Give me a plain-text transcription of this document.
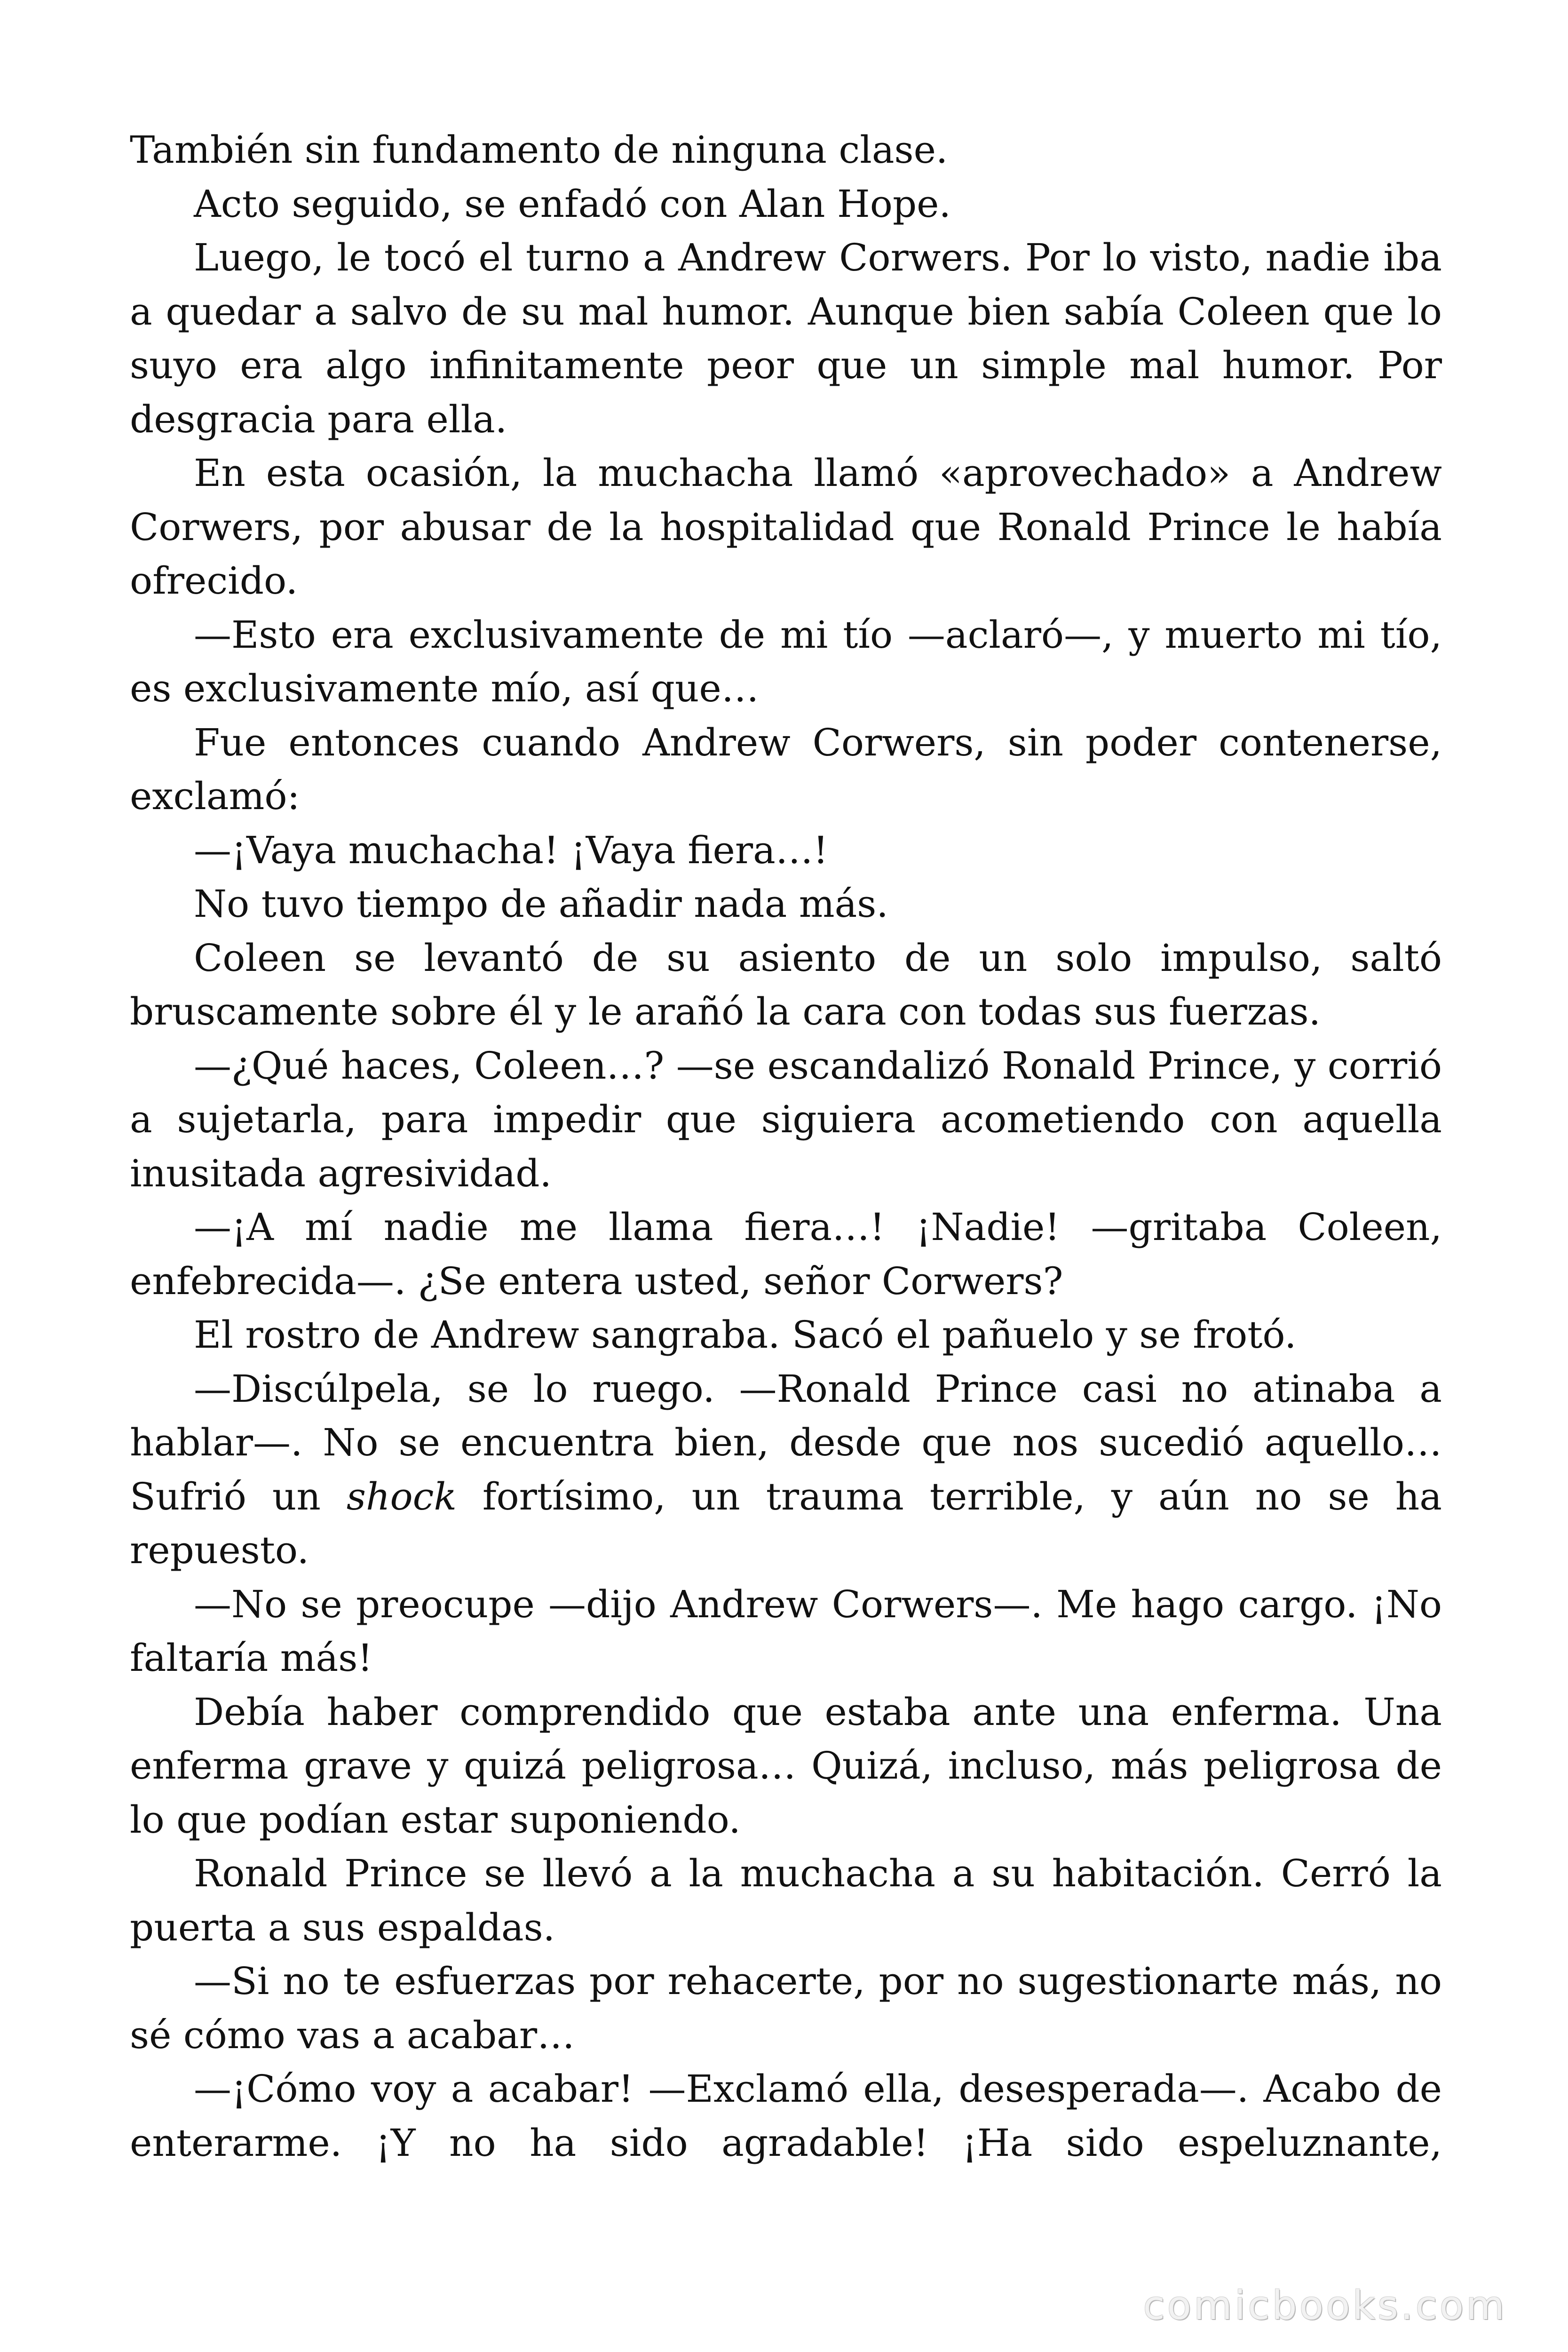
También sin fundamento de ninguna clase.

Acto seguido, se enfadó con Alan Hope.

Luego, le tocó el turno a Andrew Corwers. Por lo visto, nadie iba a quedar a salvo de su mal humor. Aunque bien sabía Coleen que lo suyo era algo infinitamente peor que un simple mal humor. Por desgracia para ella.

En esta ocasión, la muchacha llamó «aprovechado» a Andrew Corwers, por abusar de la hospitalidad que Ronald Prince le había ofrecido.

—Esto era exclusivamente de mi tío —aclaró—, y muerto mi tío, es exclusivamente mío, así que…

Fue entonces cuando Andrew Corwers, sin poder contenerse, exclamó:

—¡Vaya muchacha! ¡Vaya fiera…!

No tuvo tiempo de añadir nada más.

Coleen se levantó de su asiento de un solo impulso, saltó bruscamente sobre él y le arañó la cara con todas sus fuerzas.

—¿Qué haces, Coleen…? —se escandalizó Ronald Prince, y corrió a sujetarla, para impedir que siguiera acometiendo con aquella inusitada agresividad.

—¡A mí nadie me llama fiera…! ¡Nadie! —gritaba Coleen, enfebrecida—. ¿Se entera usted, señor Corwers?

El rostro de Andrew sangraba. Sacó el pañuelo y se frotó.

—Discúlpela, se lo ruego. —Ronald Prince casi no atinaba a hablar—. No se encuentra bien, desde que nos sucedió aquello… Sufrió un shock fortísimo, un trauma terrible, y aún no se ha repuesto.

—No se preocupe —dijo Andrew Corwers—. Me hago cargo. ¡No faltaría más!

Debía haber comprendido que estaba ante una enferma. Una enferma grave y quizá peligrosa… Quizá, incluso, más peligrosa de lo que podían estar suponiendo.

Ronald Prince se llevó a la muchacha a su habitación. Cerró la puerta a sus espaldas.

—Si no te esfuerzas por rehacerte, por no sugestionarte más, no sé cómo vas a acabar…

—¡Cómo voy a acabar! —Exclamó ella, desesperada—. Acabo de enterarme. ¡Y no ha sido agradable! ¡Ha sido espeluznante,

comicbooks.com
